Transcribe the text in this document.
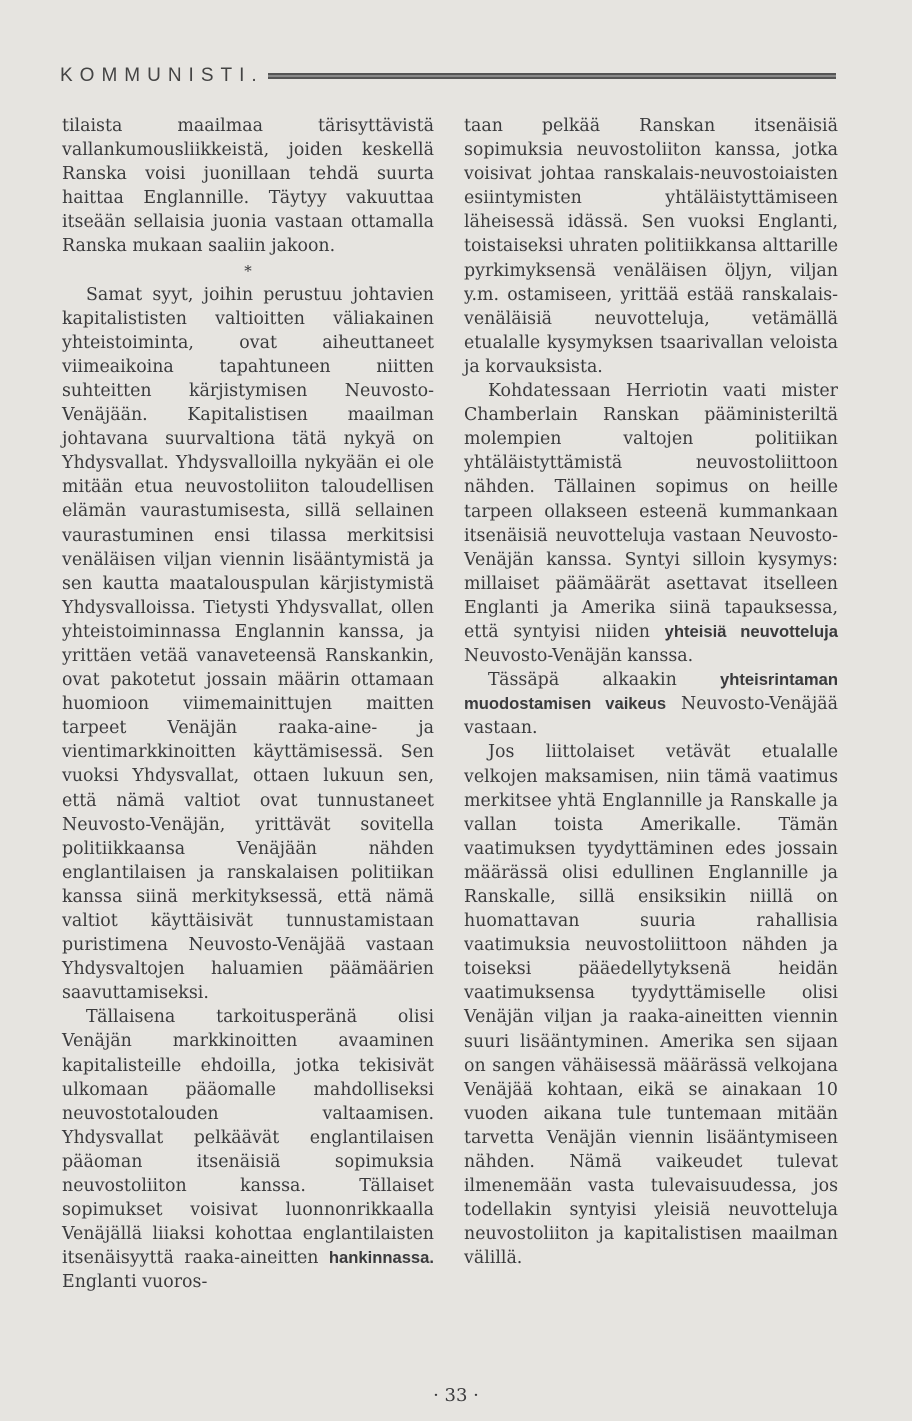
KOMMUNISTI.

tilaista maailmaa tärisyttävistä vallankumousliikkeistä, joiden keskellä Ranska voisi juonillaan tehdä suurta haittaa Englannille. Täytyy vakuuttaa itseään sellaisia juonia vastaan ottamalla Ranska mukaan saaliin jakoon.

*

Samat syyt, joihin perustuu johtavien kapitalististen valtioitten väliakainen yhteistoiminta, ovat aiheuttaneet viimeaikoina tapahtuneen niitten suhteitten kärjistymisen Neuvosto-Venäjään. Kapitalistisen maailman johtavana suurvaltiona tätä nykyä on Yhdysvallat. Yhdysvalloilla nykyään ei ole mitään etua neuvostoliiton taloudellisen elämän vaurastumisesta, sillä sellainen vaurastuminen ensi tilassa merkitsisi venäläisen viljan viennin lisääntymistä ja sen kautta maatalouspulan kärjistymistä Yhdysvalloissa. Tietysti Yhdysvallat, ollen yhteistoiminnassa Englannin kanssa, ja yrittäen vetää vanaveteensä Ranskankin, ovat pakotetut jossain määrin ottamaan huomioon viimemainittujen maitten tarpeet Venäjän raaka-aine- ja vientimarkkinoitten käyttämisessä. Sen vuoksi Yhdysvallat, ottaen lukuun sen, että nämä valtiot ovat tunnustaneet Neuvosto-Venäjän, yrittävät sovitella politiikkaansa Venäjään nähden englantilaisen ja ranskalaisen politiikan kanssa siinä merkityksessä, että nämä valtiot käyttäisivät tunnustamistaan puristimena Neuvosto-Venäjää vastaan Yhdysvaltojen haluamien päämäärien saavuttamiseksi.

Tällaisena tarkoitusperänä olisi Venäjän markkinoitten avaaminen kapitalisteille ehdoilla, jotka tekisivät ulkomaan pääomalle mahdolliseksi neuvostotalouden valtaamisen. Yhdysvallat pelkäävät englantilaisen pääoman itsenäisiä sopimuksia neuvostoliiton kanssa. Tällaiset sopimukset voisivat luonnonrikkaalla Venäjällä liiaksi kohottaa englantilaisten itsenäisyyttä raaka-aineitten hankinnassa. Englanti vuoros-

taan pelkää Ranskan itsenäisiä sopimuksia neuvostoliiton kanssa, jotka voisivat johtaa ranskalais-neuvostoiaisten esiintymisten yhtäläistyttämiseen läheisessä idässä. Sen vuoksi Englanti, toistaiseksi uhraten politiikkansa alttarille pyrkimyksensä venäläisen öljyn, viljan y.m. ostamiseen, yrittää estää ranskalais-venäläisiä neuvotteluja, vetämällä etualalle kysymyksen tsaarivallan veloista ja korvauksista.

Kohdatessaan Herriotin vaati mister Chamberlain Ranskan pääministeriltä molempien valtojen politiikan yhtäläistyttämistä neuvostoliittoon nähden. Tällainen sopimus on heille tarpeen ollakseen esteenä kummankaan itsenäisiä neuvotteluja vastaan Neuvosto-Venäjän kanssa. Syntyi silloin kysymys: millaiset päämäärät asettavat itselleen Englanti ja Amerika siinä tapauksessa, että syntyisi niiden yhteisiä neuvotteluja Neuvosto-Venäjän kanssa.

Tässäpä alkaakin	yhteisrintaman muodostamisen vaikeus Neuvosto-Venäjää vastaan.

Jos liittolaiset vetävät etualalle velkojen maksamisen, niin tämä vaatimus merkitsee yhtä Englannille ja Ranskalle ja vallan toista Amerikalle. Tämän vaatimuksen tyydyttäminen edes jossain määrässä olisi edullinen Englannille ja Ranskalle, sillä ensiksikin niillä on huomattavan suuria rahallisia vaatimuksia neuvostoliittoon nähden ja toiseksi pääedellytyksenä heidän vaatimuksensa tyydyttämiselle olisi Venäjän viljan ja raaka-aineitten viennin suuri lisääntyminen. Amerika sen sijaan on sangen vähäisessä määrässä velkojana Venäjää kohtaan, eikä se ainakaan 10 vuoden aikana tule tuntemaan mitään tarvetta Venäjän viennin lisääntymiseen nähden. Nämä vaikeudet tulevat ilmenemään vasta tulevaisuudessa, jos todellakin syntyisi yleisiä neuvotteluja neuvostoliiton ja kapitalistisen maailman välillä.

· 33 ·
